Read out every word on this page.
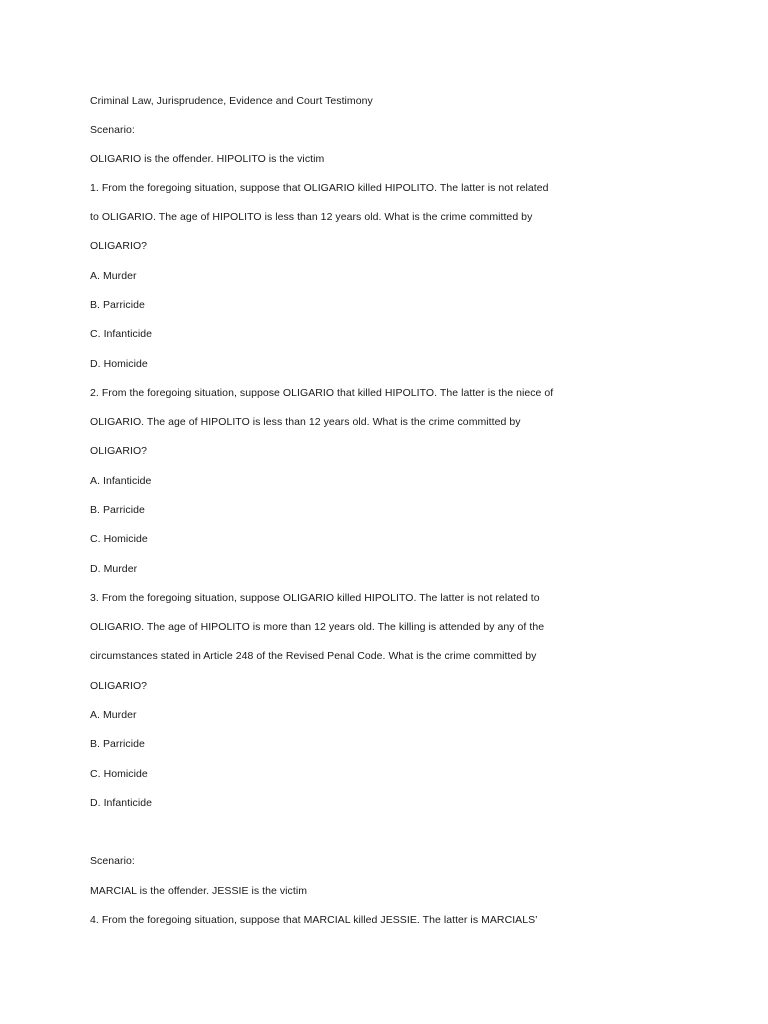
Criminal Law, Jurisprudence, Evidence and Court Testimony
Scenario:
OLIGARIO is the offender. HIPOLITO is the victim
1. From the foregoing situation, suppose that OLIGARIO killed HIPOLITO. The latter is not related
to OLIGARIO. The age of HIPOLITO is less than 12 years old. What is the crime committed by
OLIGARIO?
A. Murder
B. Parricide
C. Infanticide
D. Homicide
2. From the foregoing situation, suppose OLIGARIO that killed HIPOLITO. The latter is the niece of
OLIGARIO. The age of HIPOLITO is less than 12 years old. What is the crime committed by
OLIGARIO?
A. Infanticide
B. Parricide
C. Homicide
D. Murder
3. From the foregoing situation, suppose OLIGARIO killed HIPOLITO. The latter is not related to
OLIGARIO. The age of HIPOLITO is more than 12 years old. The killing is attended by any of the
circumstances stated in Article 248 of the Revised Penal Code. What is the crime committed by
OLIGARIO?
A. Murder
B. Parricide
C. Homicide
D. Infanticide
Scenario:
MARCIAL is the offender. JESSIE is the victim
4. From the foregoing situation, suppose that MARCIAL killed JESSIE. The latter is MARCIALS’
